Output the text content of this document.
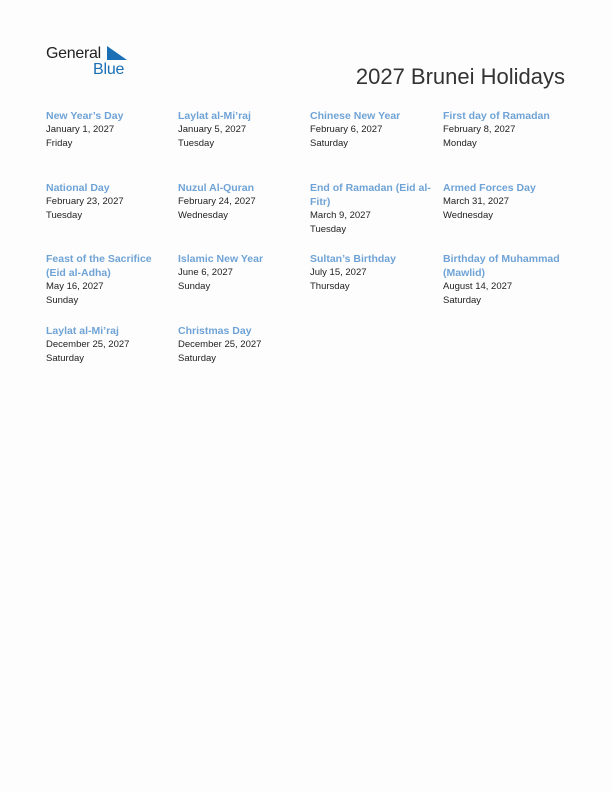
General
Blue	2027 Brunei Holidays

New Year’s Day

January 1, 2027

Friday

Laylat al-Mi’raj

January 5, 2027

Tuesday

Chinese New Year

February 6, 2027

Saturday

First day of Ramadan

February 8, 2027

Monday

National Day

February 23, 2027

Tuesday

Nuzul Al-Quran

February 24, 2027

Wednesday

End of Ramadan (Eid al-Fitr)

March 9, 2027

Tuesday

Armed Forces Day

March 31, 2027

Wednesday

Feast of the Sacrifice (Eid al-Adha)

May 16, 2027

Sunday

Islamic New Year

June 6, 2027

Sunday

Sultan’s Birthday

July 15, 2027

Thursday

Birthday of Muhammad (Mawlid)

August 14, 2027

Saturday

Laylat al-Mi’raj

December 25, 2027

Saturday

Christmas Day

December 25, 2027

Saturday
